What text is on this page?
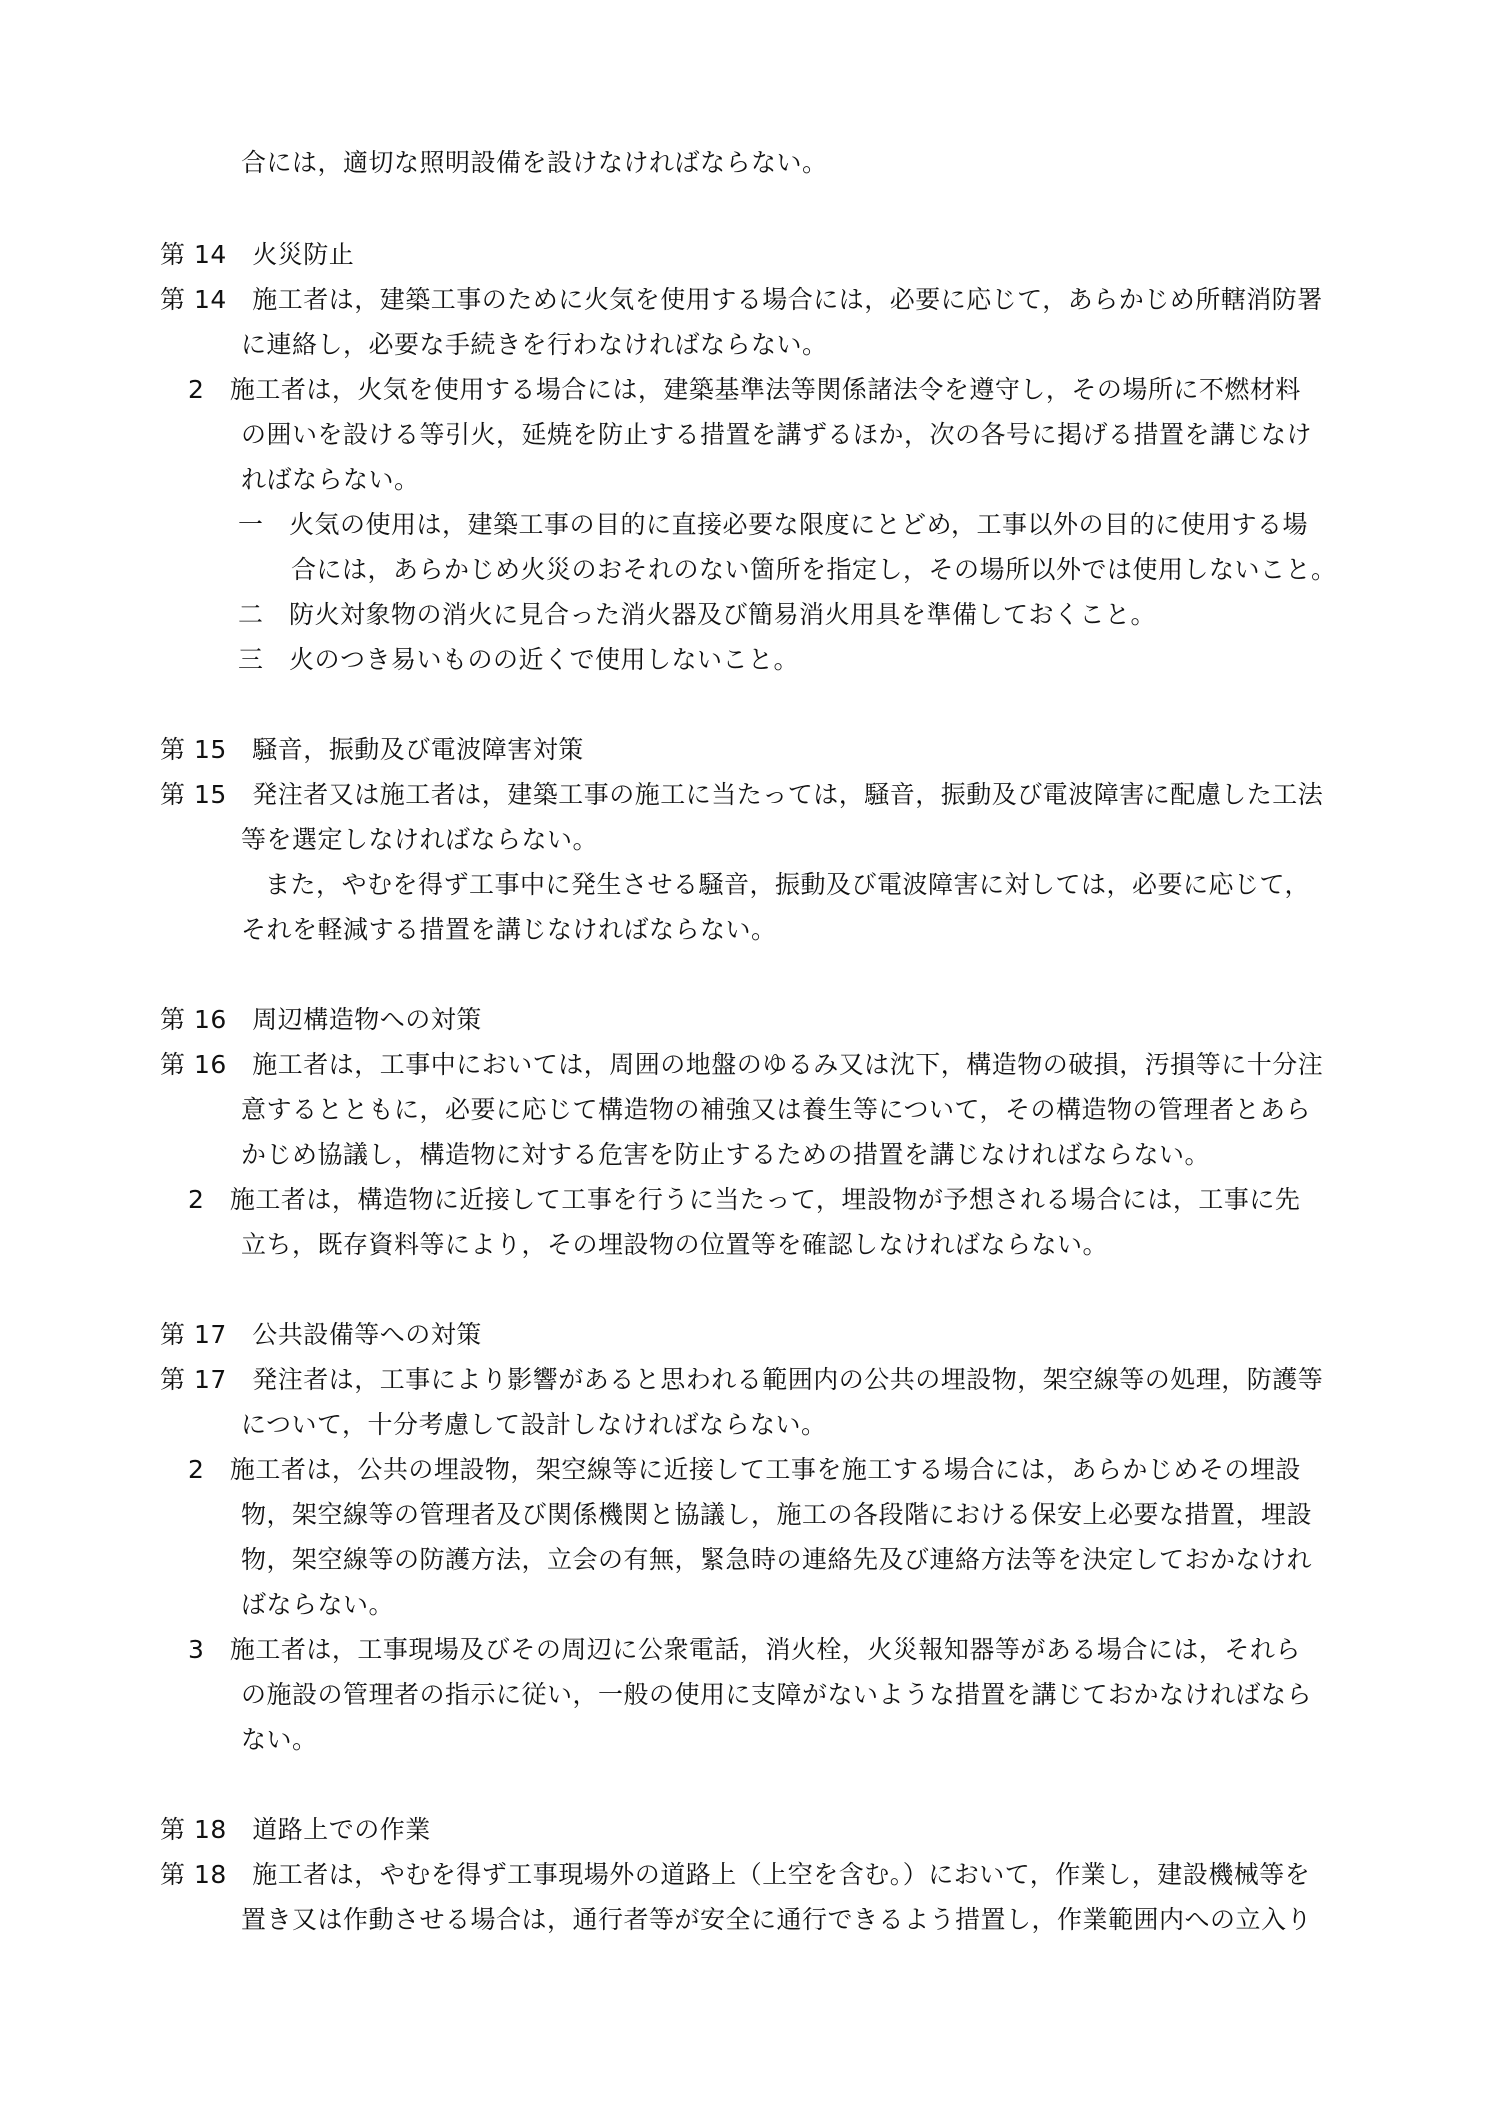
合には，適切な照明設備を設けなければならない。
第 14　火災防止
第 14　施工者は，建築工事のために火気を使用する場合には，必要に応じて，あらかじめ所轄消防署
に連絡し，必要な手続きを行わなければならない。
2　施工者は，火気を使用する場合には，建築基準法等関係諸法令を遵守し，その場所に不燃材料
の囲いを設ける等引火，延焼を防止する措置を講ずるほか，次の各号に掲げる措置を講じなけ
ればならない。
一　火気の使用は，建築工事の目的に直接必要な限度にとどめ，工事以外の目的に使用する場
合には，あらかじめ火災のおそれのない箇所を指定し，その場所以外では使用しないこと。
二　防火対象物の消火に見合った消火器及び簡易消火用具を準備しておくこと。
三　火のつき易いものの近くで使用しないこと。
第 15　騒音，振動及び電波障害対策
第 15　発注者又は施工者は，建築工事の施工に当たっては，騒音，振動及び電波障害に配慮した工法
等を選定しなければならない。
また，やむを得ず工事中に発生させる騒音，振動及び電波障害に対しては，必要に応じて，
それを軽減する措置を講じなければならない。
第 16　周辺構造物への対策
第 16　施工者は，工事中においては，周囲の地盤のゆるみ又は沈下，構造物の破損，汚損等に十分注
意するとともに，必要に応じて構造物の補強又は養生等について，その構造物の管理者とあら
かじめ協議し，構造物に対する危害を防止するための措置を講じなければならない。
2　施工者は，構造物に近接して工事を行うに当たって，埋設物が予想される場合には，工事に先
立ち，既存資料等により，その埋設物の位置等を確認しなければならない。
第 17　公共設備等への対策
第 17　発注者は，工事により影響があると思われる範囲内の公共の埋設物，架空線等の処理，防護等
について，十分考慮して設計しなければならない。
2　施工者は，公共の埋設物，架空線等に近接して工事を施工する場合には，あらかじめその埋設
物，架空線等の管理者及び関係機関と協議し，施工の各段階における保安上必要な措置，埋設
物，架空線等の防護方法，立会の有無，緊急時の連絡先及び連絡方法等を決定しておかなけれ
ばならない。
3　施工者は，工事現場及びその周辺に公衆電話，消火栓，火災報知器等がある場合には，それら
の施設の管理者の指示に従い，一般の使用に支障がないような措置を講じておかなければなら
ない。
第 18　道路上での作業
第 18　施工者は，やむを得ず工事現場外の道路上（上空を含む。）において，作業し，建設機械等を
置き又は作動させる場合は，通行者等が安全に通行できるよう措置し，作業範囲内への立入り
